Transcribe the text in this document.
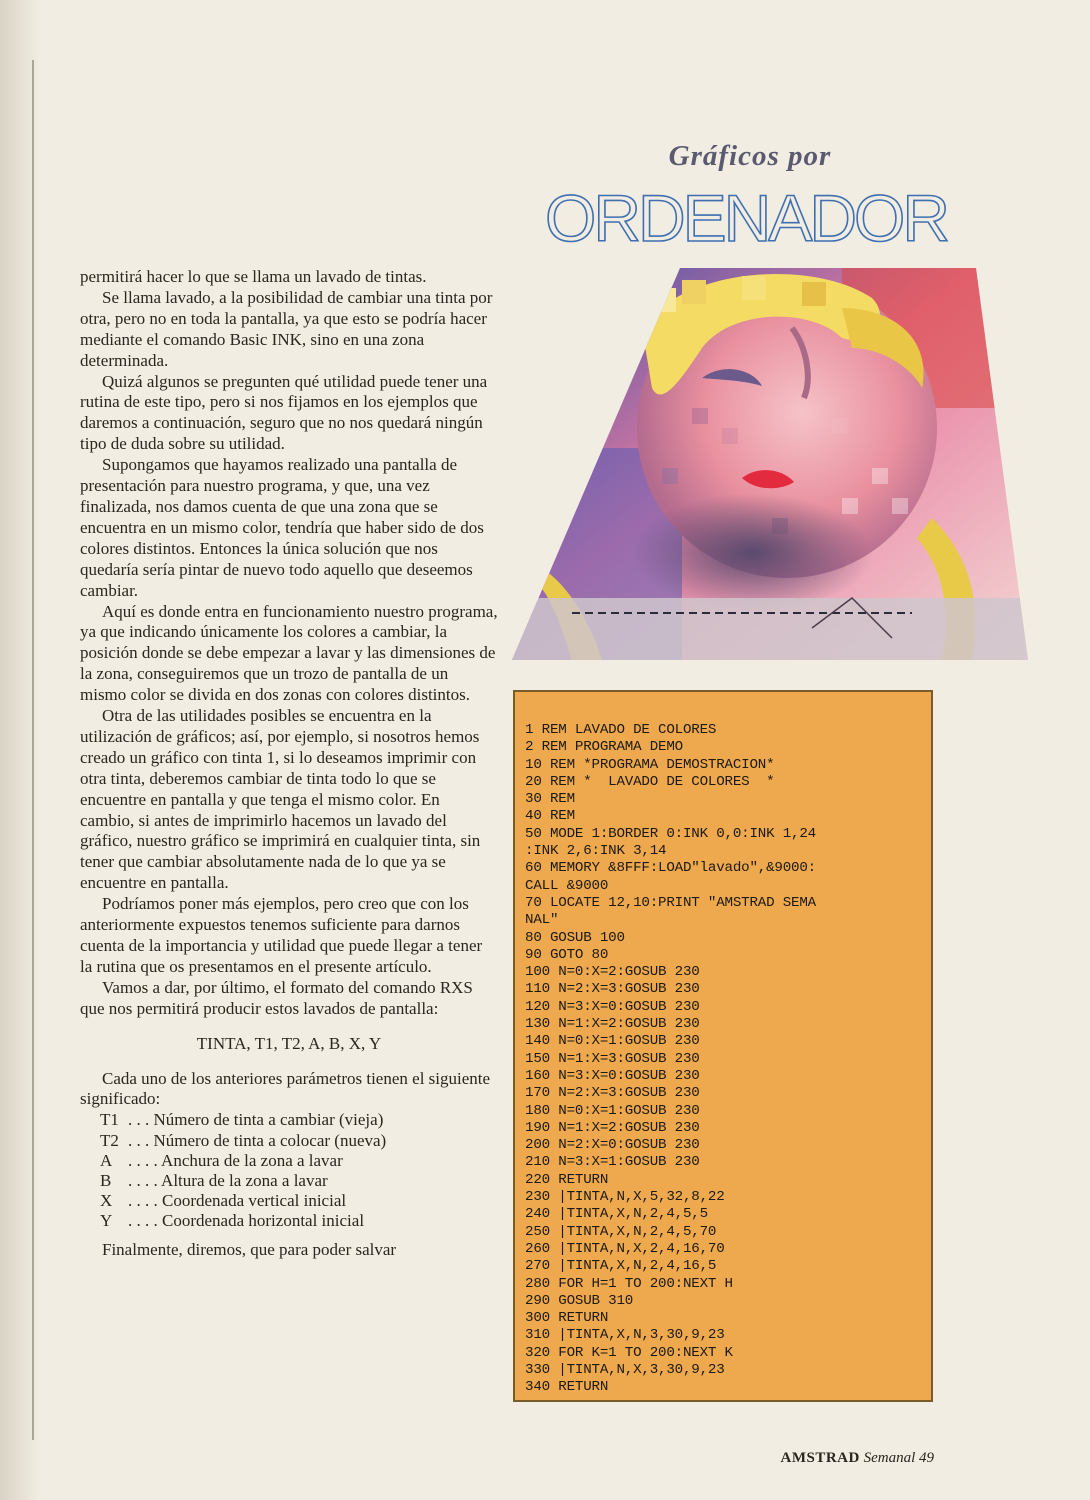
Gráficos por
ORDENADOR

permitirá hacer lo que se llama un lavado de tintas.

Se llama lavado, a la posibilidad de cambiar una tinta por otra, pero no en toda la pantalla, ya que esto se podría hacer mediante el comando Basic INK, sino en una zona determinada.

Quizá algunos se pregunten qué utilidad puede tener una rutina de este tipo, pero si nos fijamos en los ejemplos que daremos a continuación, seguro que no nos quedará ningún tipo de duda sobre su utilidad.

Supongamos que hayamos realizado una pantalla de presentación para nuestro programa, y que, una vez finalizada, nos damos cuenta de que una zona que se encuentra en un mismo color, tendría que haber sido de dos colores distintos. Entonces la única solución que nos quedaría sería pintar de nuevo todo aquello que deseemos cambiar.

Aquí es donde entra en funcionamiento nuestro programa, ya que indicando únicamente los colores a cambiar, la posición donde se debe empezar a lavar y las dimensiones de la zona, conseguiremos que un trozo de pantalla de un mismo color se divida en dos zonas con colores distintos.

Otra de las utilidades posibles se encuentra en la utilización de gráficos; así, por ejemplo, si nosotros hemos creado un gráfico con tinta 1, si lo deseamos imprimir con otra tinta, deberemos cambiar de tinta todo lo que se encuentre en pantalla y que tenga el mismo color. En cambio, si antes de imprimirlo hacemos un lavado del gráfico, nuestro gráfico se imprimirá en cualquier tinta, sin tener que cambiar absolutamente nada de lo que ya se encuentre en pantalla.

Podríamos poner más ejemplos, pero creo que con los anteriormente expuestos tenemos suficiente para darnos cuenta de la importancia y utilidad que puede llegar a tener la rutina que os presentamos en el presente artículo.

Vamos a dar, por último, el formato del comando RXS que nos permitirá producir estos lavados de pantalla:

TINTA, T1, T2, A, B, X, Y

Cada uno de los anteriores parámetros tienen el siguiente significado:

T1 . . . Número de tinta a cambiar (vieja)
T2 . . . Número de tinta a colocar (nueva)
A . . . . Anchura de la zona a lavar
B . . . . Altura de la zona a lavar
X . . . . Coordenada vertical inicial
Y . . . . Coordenada horizontal inicial

Finalmente, diremos, que para poder salvar

1 REM LAVADO DE COLORES
2 REM PROGRAMA DEMO
10 REM *PROGRAMA DEMOSTRACION*
20 REM *  LAVADO DE COLORES  *
30 REM
40 REM
50 MODE 1:BORDER 0:INK 0,0:INK 1,24
:INK 2,6:INK 3,14
60 MEMORY &8FFF:LOAD"lavado",&9000:
CALL &9000
70 LOCATE 12,10:PRINT "AMSTRAD SEMA
NAL"
80 GOSUB 100
90 GOTO 80
100 N=0:X=2:GOSUB 230
110 N=2:X=3:GOSUB 230
120 N=3:X=0:GOSUB 230
130 N=1:X=2:GOSUB 230
140 N=0:X=1:GOSUB 230
150 N=1:X=3:GOSUB 230
160 N=3:X=0:GOSUB 230
170 N=2:X=3:GOSUB 230
180 N=0:X=1:GOSUB 230
190 N=1:X=2:GOSUB 230
200 N=2:X=0:GOSUB 230
210 N=3:X=1:GOSUB 230
220 RETURN
230 |TINTA,N,X,5,32,8,22
240 |TINTA,X,N,2,4,5,5
250 |TINTA,X,N,2,4,5,70
260 |TINTA,N,X,2,4,16,70
270 |TINTA,X,N,2,4,16,5
280 FOR H=1 TO 200:NEXT H
290 GOSUB 310
300 RETURN
310 |TINTA,X,N,3,30,9,23
320 FOR K=1 TO 200:NEXT K
330 |TINTA,N,X,3,30,9,23
340 RETURN
AMSTRAD Semanal 49
